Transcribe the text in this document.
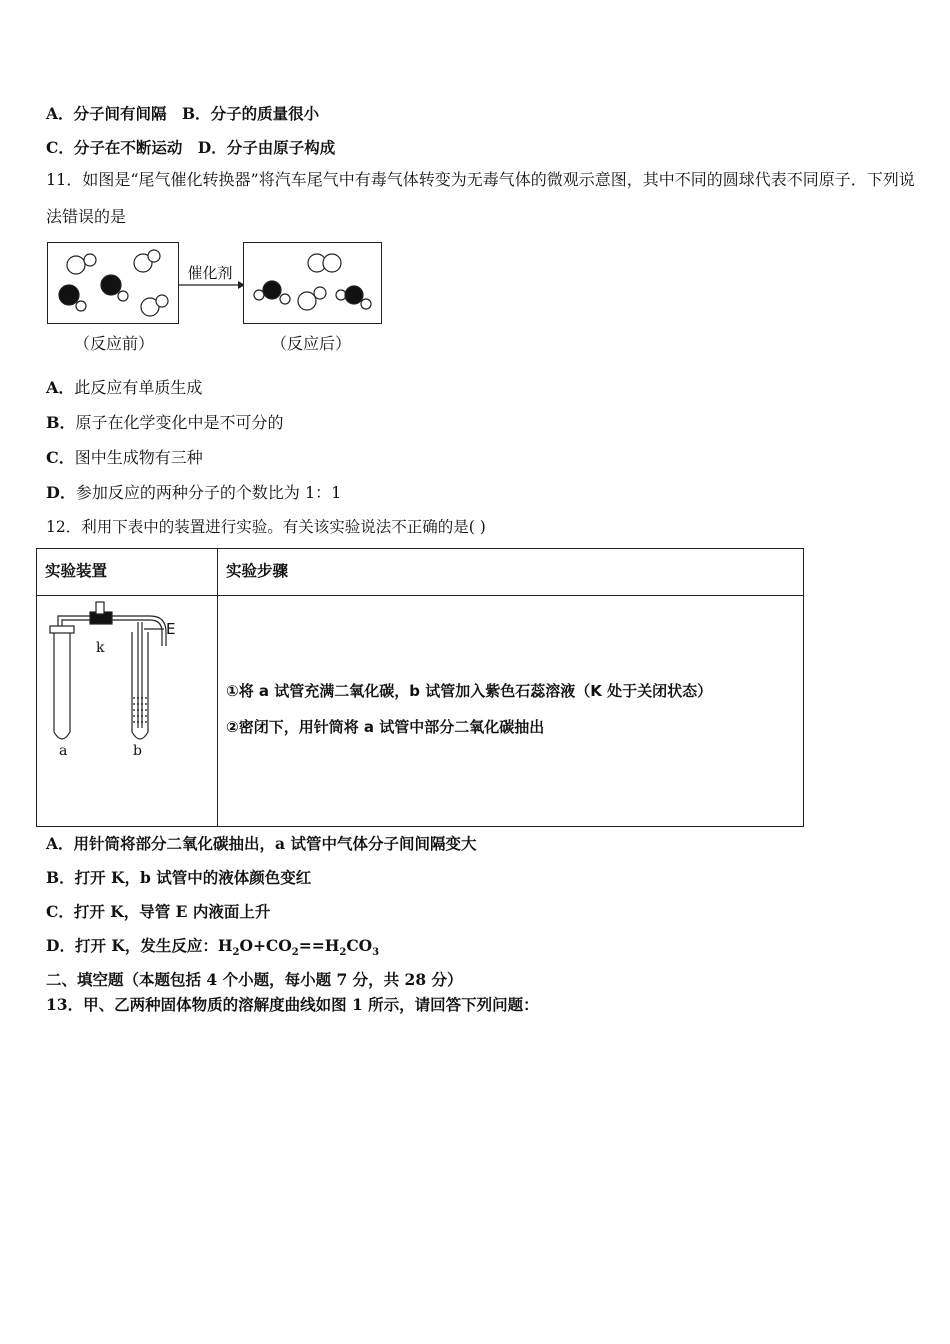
A．分子间有间隔 B．分子的质量很小
C．分子在不断运动 D．分子由原子构成
11．如图是“尾气催化转换器”将汽车尾气中有毒气体转变为无毒气体的微观示意图，其中不同的圆球代表不同原子．下列说法错误的是
催化剂
（反应前）	（反应后）
A．此反应有单质生成
B．原子在化学变化中是不可分的
C．图中生成物有三种
D．参加反应的两种分子的个数比为 1：1
12．利用下表中的装置进行实验。有关该实验说法不正确的是( )
实验装置	实验步骤

E
k
a	b
①将 a 试管充满二氧化碳，b 试管加入紫色石蕊溶液（K 处于关闭状态）
②密闭下，用针筒将 a 试管中部分二氧化碳抽出
A．用针筒将部分二氧化碳抽出，a 试管中气体分子间间隔变大
B．打开 K，b 试管中的液体颜色变红
C．打开 K，导管 E 内液面上升
D．打开 K，发生反应：$H_2O+CO_2==H_2CO_3$
二、填空题（本题包括 4 个小题，每小题 7 分，共 28 分）
13．甲、乙两种固体物质的溶解度曲线如图 1 所示，请回答下列问题：
